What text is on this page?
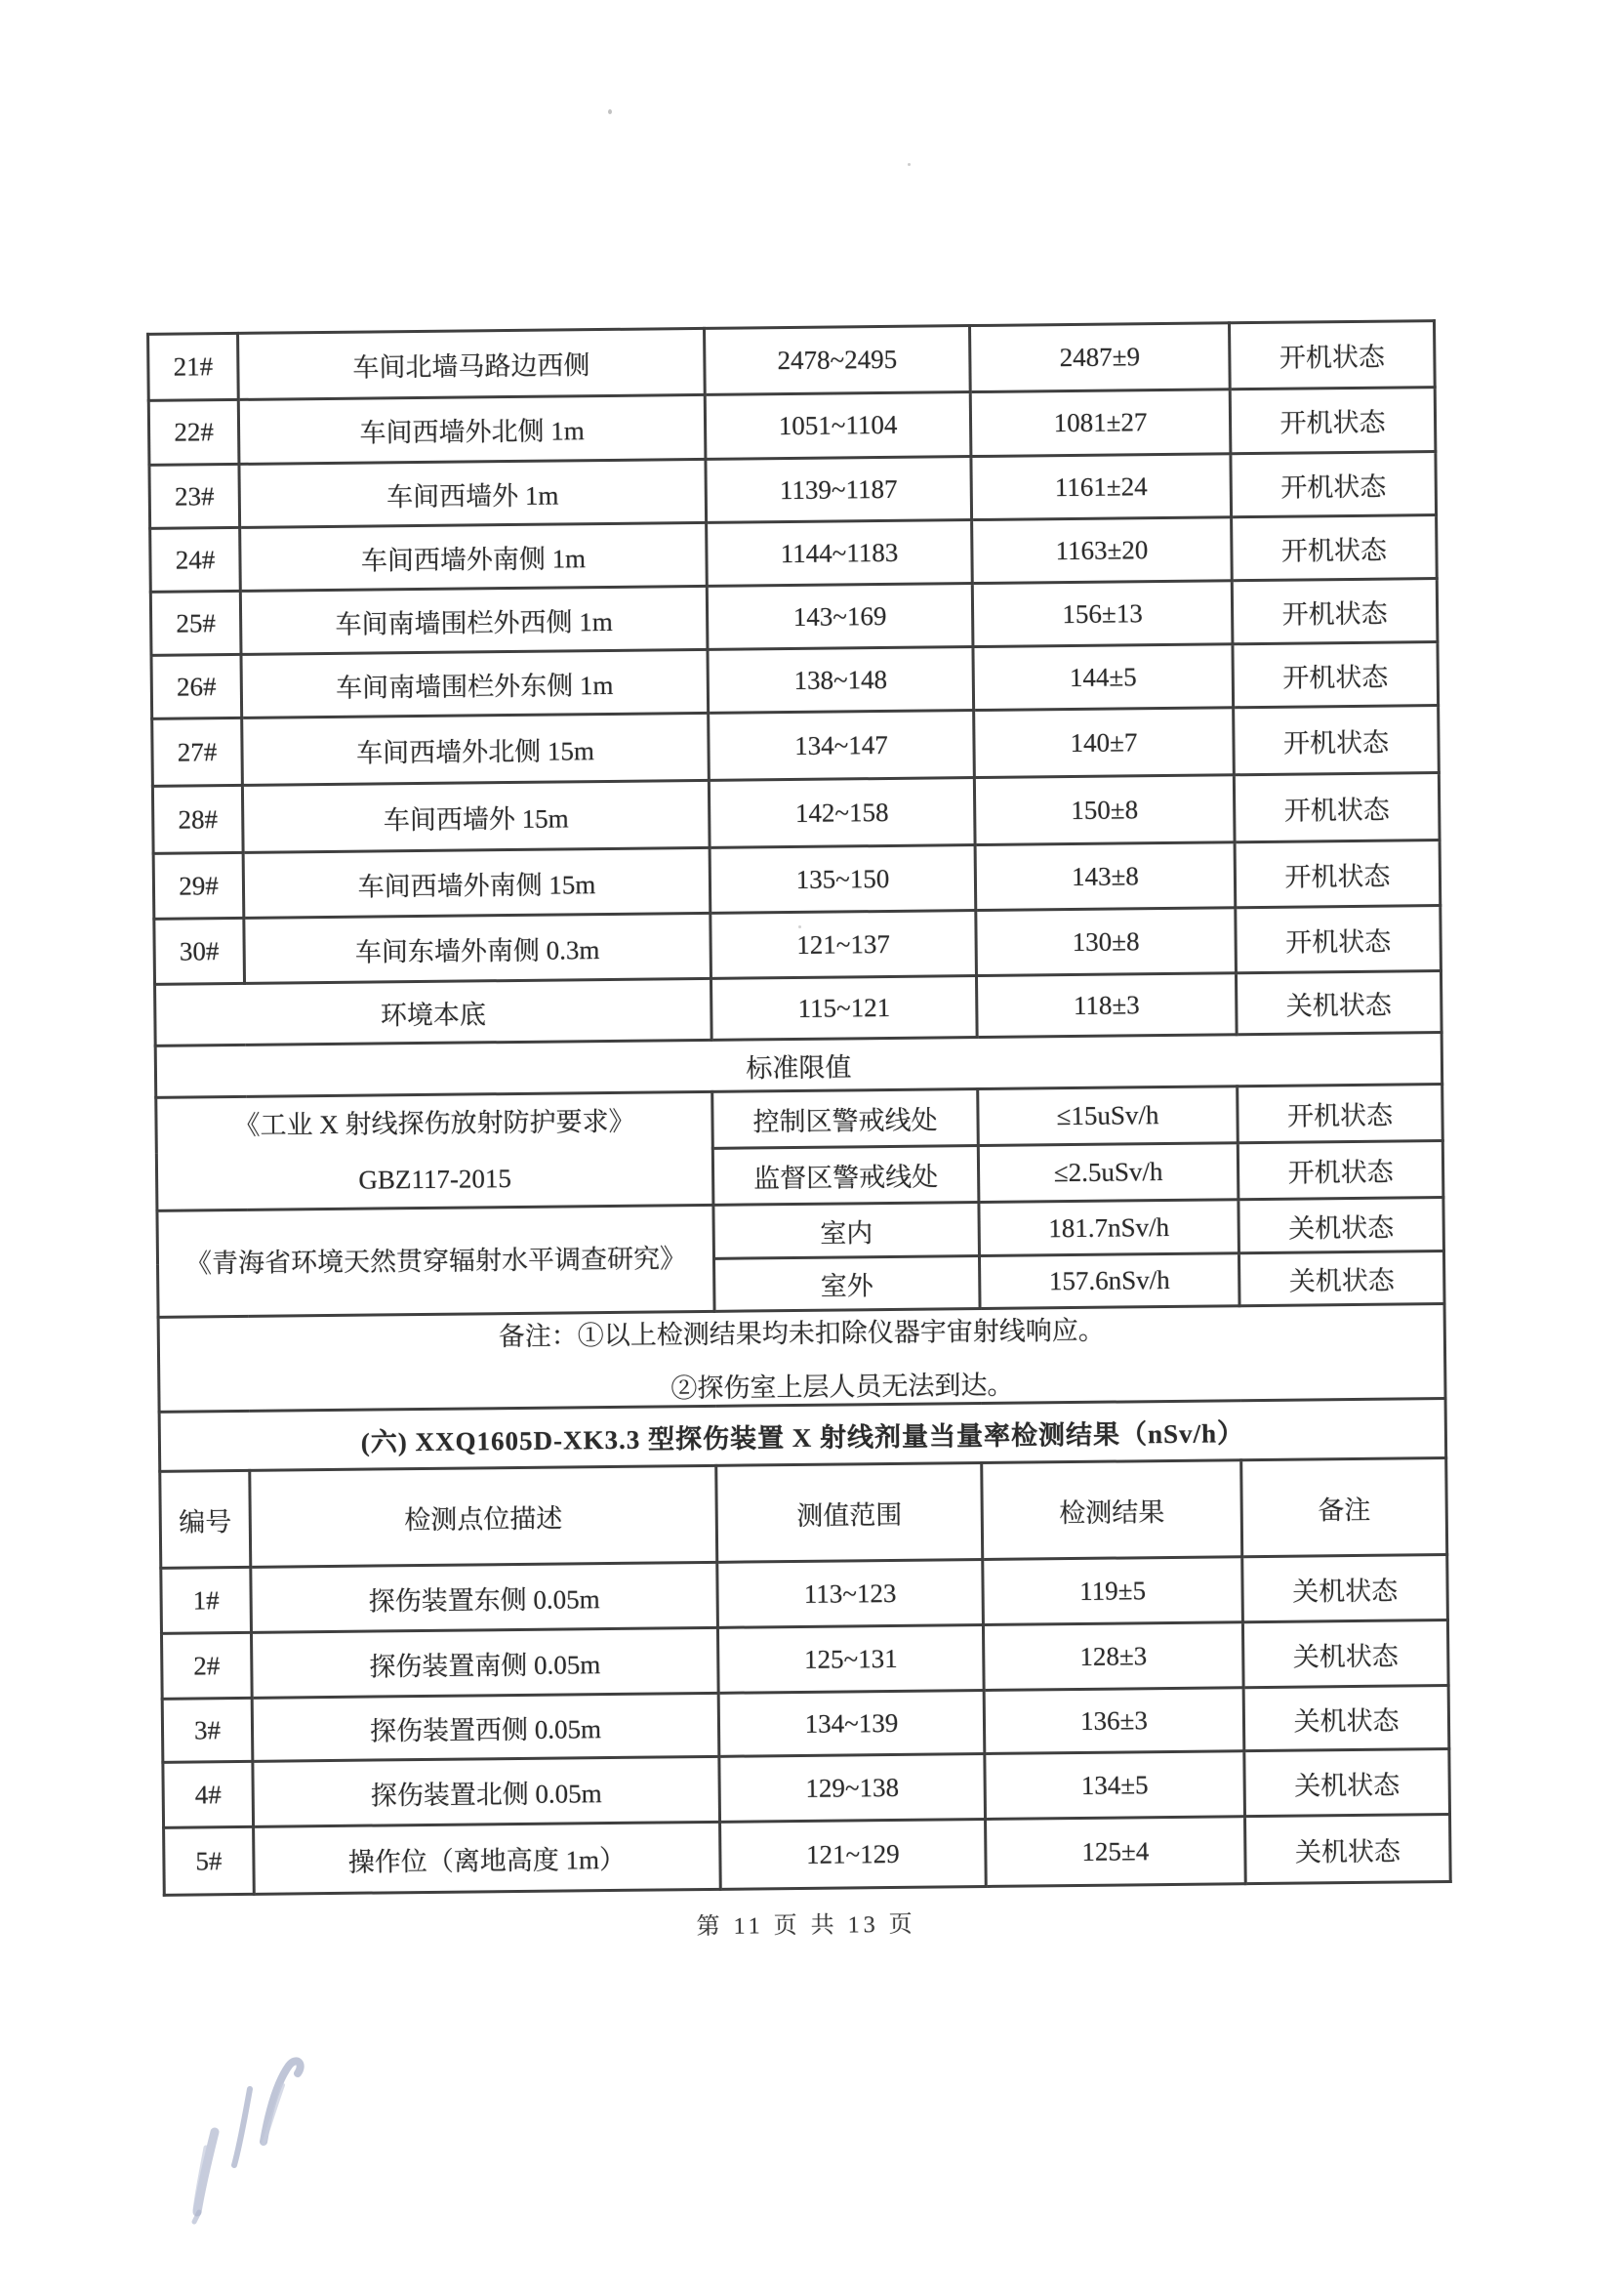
21#	车间北墙马路边西侧	2478~2495	2487±9	开机状态
22#	车间西墙外北侧 1m	1051~1104	1081±27	开机状态
23#	车间西墙外 1m	1139~1187	1161±24	开机状态
24#	车间西墙外南侧 1m	1144~1183	1163±20	开机状态
25#	车间南墙围栏外西侧 1m	143~169	156±13	开机状态
26#	车间南墙围栏外东侧 1m	138~148	144±5	开机状态
27#	车间西墙外北侧 15m	134~147	140±7	开机状态
28#	车间西墙外 15m	142~158	150±8	开机状态
29#	车间西墙外南侧 15m	135~150	143±8	开机状态
30#	车间东墙外南侧 0.3m	121~137	130±8	开机状态
环境本底		115~121	118±3	关机状态
标准限值				
《工业 X 射线探伤放射防护要求》
GBZ117-2015		控制区警戒线处	≤15uSv/h	开机状态
		监督区警戒线处	≤2.5uSv/h	开机状态
《青海省环境天然贯穿辐射水平调查研究》		室内	181.7nSv/h	关机状态
		室外	157.6nSv/h	关机状态

备注：①以上检测结果均未扣除仪器宇宙射线响应。
②探伤室上层人员无法到达。				

(六) XXQ1605D-XK3.3 型探伤装置 X 射线剂量当量率检测结果（nSv/h）				
编号	检测点位描述	测值范围	检测结果	备注
1#	探伤装置东侧 0.05m	113~123	119±5	关机状态
2#	探伤装置南侧 0.05m	125~131	128±3	关机状态
3#	探伤装置西侧 0.05m	134~139	136±3	关机状态
4#	探伤装置北侧 0.05m	129~138	134±5	关机状态
5#	操作位（离地高度 1m）	121~129	125±4	关机状态
第 11 页 共 13 页
